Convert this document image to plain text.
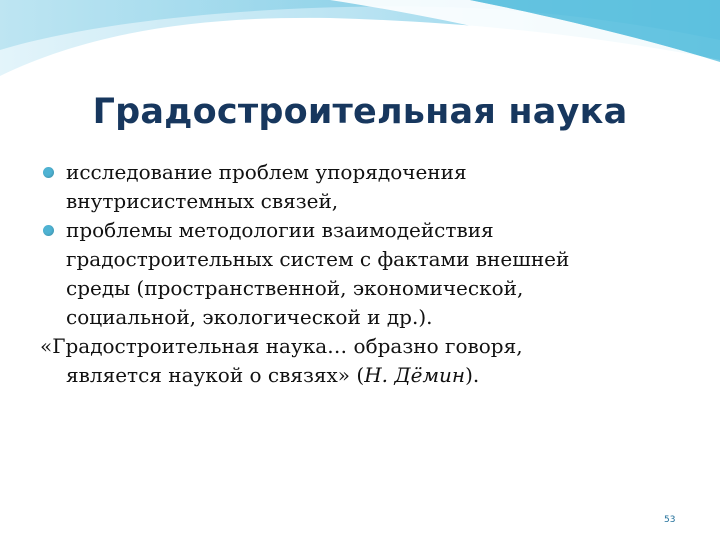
Градостроительная наука
исследование проблем упорядочения
внутрисистемных связей,
проблемы методологии взаимодействия
градостроительных систем с фактами внешней
среды (пространственной, экономической,
социальной, экологической и др.).
«Градостроительная наука… образно говоря,
является наукой о связях» (Н. Дёмин).
53
